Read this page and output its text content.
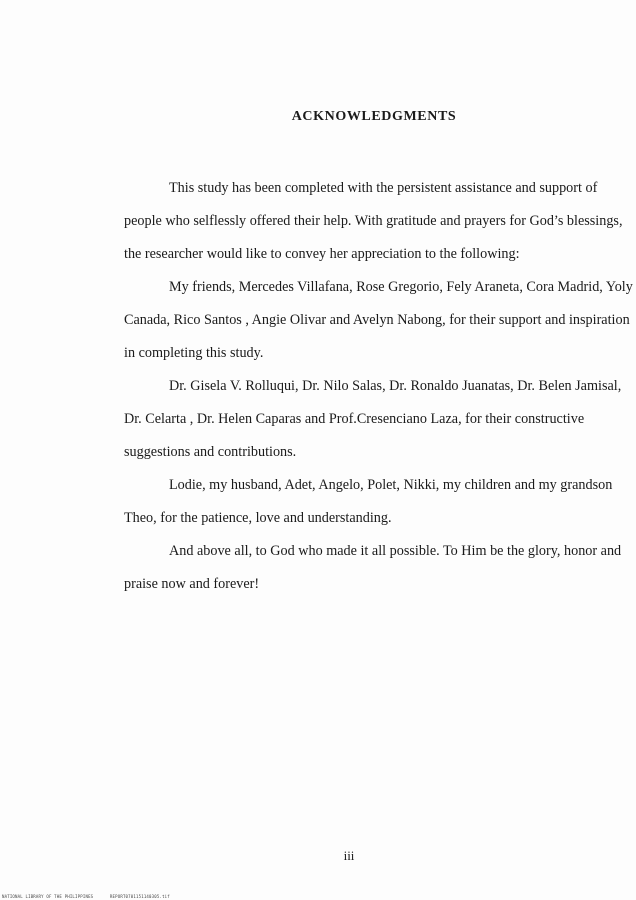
ACKNOWLEDGMENTS
This study has been completed with the persistent assistance and support of
people who selflessly offered their help. With gratitude and prayers for God’s blessings,
the researcher would like to convey her appreciation to the following:
My friends, Mercedes Villafana, Rose Gregorio, Fely Araneta, Cora Madrid, Yoly
Canada, Rico Santos , Angie Olivar and Avelyn Nabong, for their support and inspiration
in completing this study.
Dr. Gisela V. Rolluqui, Dr. Nilo Salas, Dr. Ronaldo Juanatas, Dr. Belen Jamisal,
Dr. Celarta , Dr. Helen Caparas and Prof.Cresenciano Laza, for their constructive
suggestions and contributions.
Lodie, my husband, Adet, Angelo, Polet, Nikki, my children and my grandson
Theo, for the patience, love and understanding.
And above all, to God who made it all possible. To Him be the glory, honor and
praise now and forever!
iii
NATIONAL LIBRARY OF THE PHILIPPINES	REPORT0701151140305.tif
